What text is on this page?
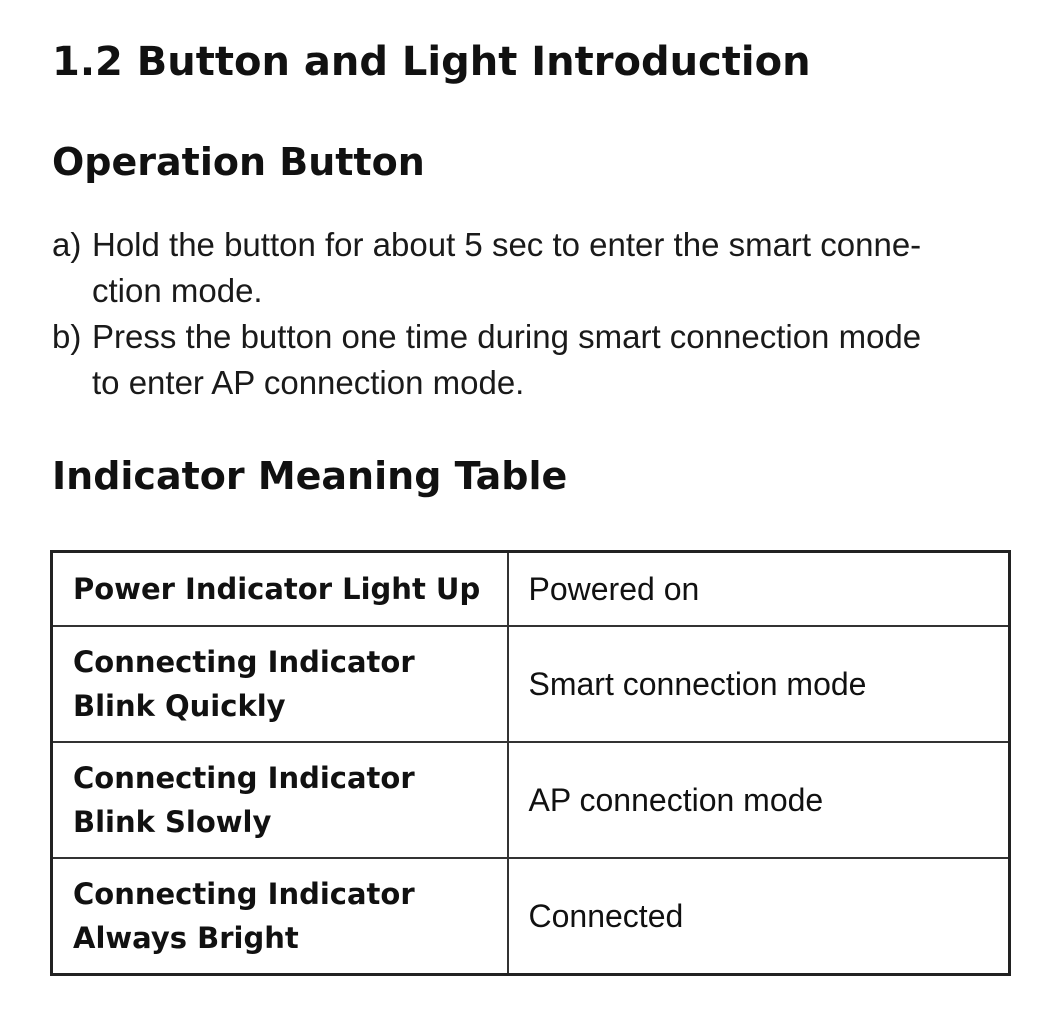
1.2 Button and Light Introduction
Operation Button
a) Hold the button for about 5 sec to enter the smart conne-
ction mode.
b) Press the button one time during smart connection mode
to enter AP connection mode.
Indicator Meaning Table
Power Indicator Light Up	Powered on

Connecting Indicator
Blink Quickly	Smart connection mode

Connecting Indicator
Blink Slowly	AP connection mode

Connecting Indicator
Always Bright	Connected
